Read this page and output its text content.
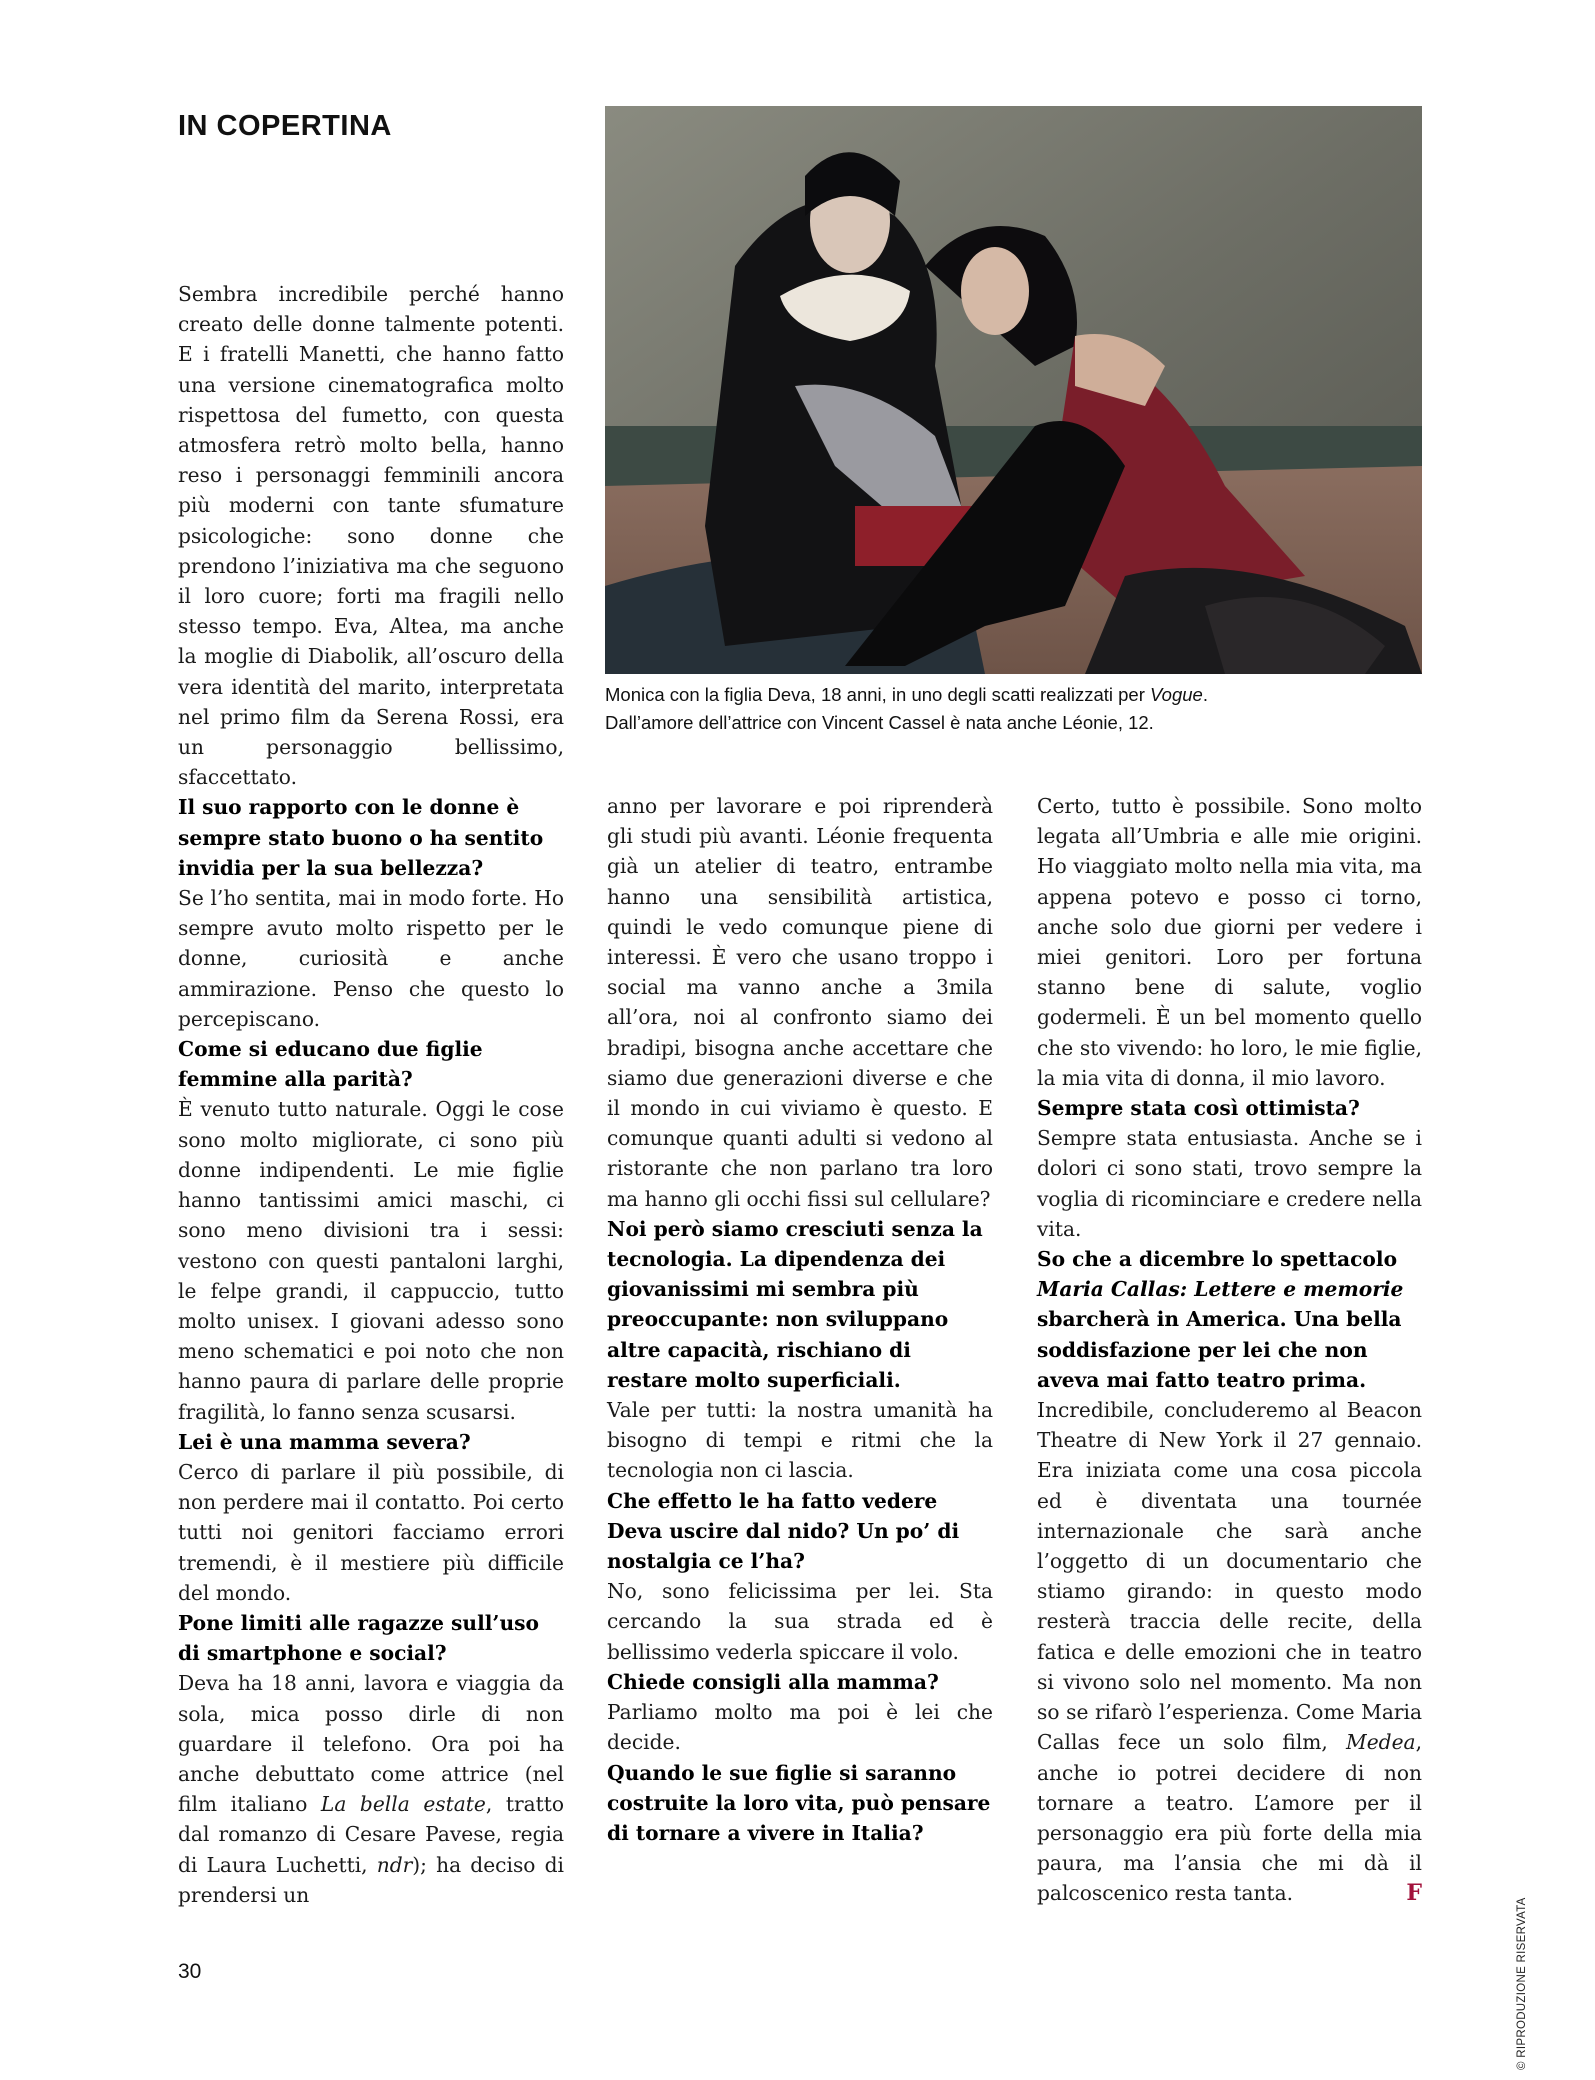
IN COPERTINA

Monica con la figlia Deva, 18 anni, in uno degli scatti realizzati per Vogue.

Dall’amore dell’attrice con Vincent Cassel è nata anche Léonie, 12.

Sembra incredibile perché hanno creato delle donne talmente potenti. E i fratelli Manetti, che hanno fatto una versione cinematografica molto rispettosa del fumetto, con questa atmosfera retrò molto bella, hanno reso i personaggi femminili ancora più moderni con tante sfumature psicologiche: sono donne che prendono l’iniziativa ma che seguono il loro cuore; forti ma fragili nello stesso tempo. Eva, Altea, ma anche la moglie di Diabolik, all’oscuro della vera identità del marito, interpretata nel primo film da Serena Rossi, era un personaggio bellissimo, sfaccettato.

Il suo rapporto con le donne è sempre stato buono o ha sentito invidia per la sua bellezza?

Se l’ho sentita, mai in modo forte. Ho sempre avuto molto rispetto per le donne, curiosità e anche ammirazione. Penso che questo lo percepiscano.

Come si educano due figlie femmine alla parità?

È venuto tutto naturale. Oggi le cose sono molto migliorate, ci sono più donne indipendenti. Le mie figlie hanno tantissimi amici maschi, ci sono meno divisioni tra i sessi: vestono con questi pantaloni larghi, le felpe grandi, il cappuccio, tutto molto unisex. I giovani adesso sono meno schematici e poi noto che non hanno paura di parlare delle proprie fragilità, lo fanno senza scusarsi.

Lei è una mamma severa?

Cerco di parlare il più possibile, di non perdere mai il contatto. Poi certo tutti noi genitori facciamo errori tremendi, è il mestiere più difficile del mondo.

Pone limiti alle ragazze sull’uso di smartphone e social?

Deva ha 18 anni, lavora e viaggia da sola, mica posso dirle di non guardare il telefono. Ora poi ha anche debuttato come attrice (nel film italiano La bella estate, tratto dal romanzo di Cesare Pavese, regia di Laura Luchetti, ndr); ha deciso di prendersi un

anno per lavorare e poi riprenderà gli studi più avanti. Léonie frequenta già un atelier di teatro, entrambe hanno una sensibilità artistica, quindi le vedo comunque piene di interessi. È vero che usano troppo i social ma vanno anche a 3mila all’ora, noi al confronto siamo dei bradipi, bisogna anche accettare che siamo due generazioni diverse e che il mondo in cui viviamo è questo. E comunque quanti adulti si vedono al ristorante che non parlano tra loro ma hanno gli occhi fissi sul cellulare?

Noi però siamo cresciuti senza la tecnologia. La dipendenza dei giovanissimi mi sembra più preoccupante: non sviluppano altre capacità, rischiano di restare molto superficiali.

Vale per tutti: la nostra umanità ha bisogno di tempi e ritmi che la tecnologia non ci lascia.

Che effetto le ha fatto vedere Deva uscire dal nido? Un po’ di nostalgia ce l’ha?

No, sono felicissima per lei. Sta cercando la sua strada ed è bellissimo vederla spiccare il volo.

Chiede consigli alla mamma?

Parliamo molto ma poi è lei che decide.

Quando le sue figlie si saranno costruite la loro vita, può pensare di tornare a vivere in Italia?

Certo, tutto è possibile. Sono molto legata all’Umbria e alle mie origini. Ho viaggiato molto nella mia vita, ma appena potevo e posso ci torno, anche solo due giorni per vedere i miei genitori. Loro per fortuna stanno bene di salute, voglio godermeli. È un bel momento quello che sto vivendo: ho loro, le mie figlie, la mia vita di donna, il mio lavoro.

Sempre stata così ottimista?

Sempre stata entusiasta. Anche se i dolori ci sono stati, trovo sempre la voglia di ricominciare e credere nella vita.

So che a dicembre lo spettacolo Maria Callas: Lettere e memorie sbarcherà in America. Una bella soddisfazione per lei che non aveva mai fatto teatro prima.

Incredibile, concluderemo al Beacon Theatre di New York il 27 gennaio. Era iniziata come una cosa piccola ed è diventata una tournée internazionale che sarà anche l’oggetto di un documentario che stiamo girando: in questo modo resterà traccia delle recite, della fatica e delle emozioni che in teatro si vivono solo nel momento. Ma non so se rifarò l’esperienza. Come Maria Callas fece un solo film, Medea, anche io potrei decidere di non tornare a teatro. L’amore per il personaggio era più forte della mia paura, ma l’ansia che mi dà il palcoscenico resta tanta.	F

30	© RIPRODUZIONE RISERVATA
